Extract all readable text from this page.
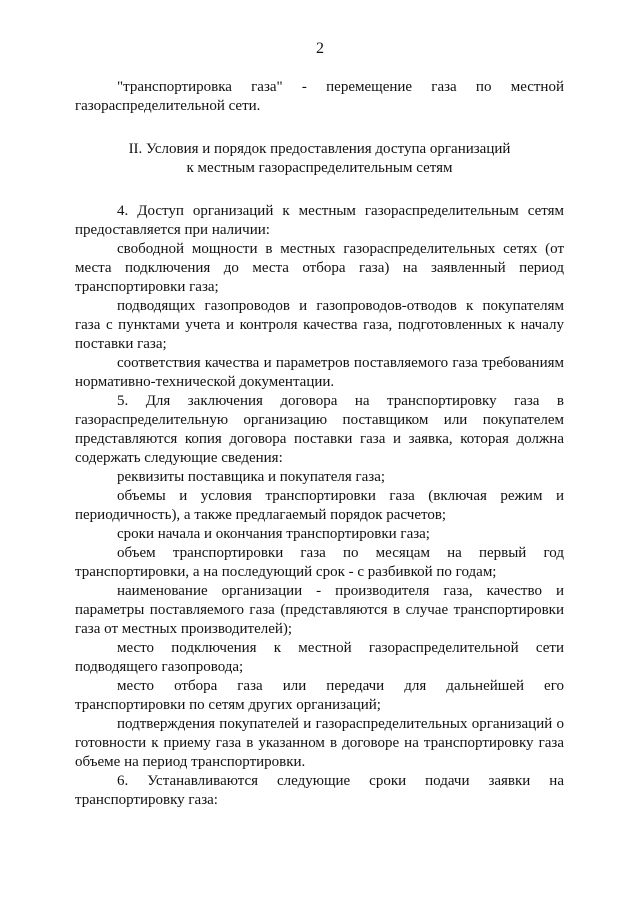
2

"транспортировка газа" - перемещение газа по местной газораспределительной сети.

II. Условия и порядок предоставления доступа организаций
к местным газораспределительным сетям

4. Доступ организаций к местным газораспределительным сетям предоставляется при наличии:

свободной мощности в местных газораспределительных сетях (от места подключения до места отбора газа) на заявленный период транспортировки газа;

подводящих газопроводов и газопроводов-отводов к покупателям газа с пунктами учета и контроля качества газа, подготовленных к началу поставки газа;

соответствия качества и параметров поставляемого газа требованиям нормативно-технической документации.

5. Для заключения договора на транспортировку газа в газораспределительную организацию поставщиком или покупателем представляются копия договора поставки газа и заявка, которая должна содержать следующие сведения:

реквизиты поставщика и покупателя газа;

объемы и условия транспортировки газа (включая режим и периодичность), а также предлагаемый порядок расчетов;

сроки начала и окончания транспортировки газа;

объем транспортировки газа по месяцам на первый год транспортировки, а на последующий срок - с разбивкой по годам;

наименование организации - производителя газа, качество и параметры поставляемого газа (представляются в случае транспортировки газа от местных производителей);

место подключения к местной газораспределительной сети подводящего газопровода;

место отбора газа или передачи для дальнейшей его транспортировки по сетям других организаций;

подтверждения покупателей и газораспределительных организаций о готовности к приему газа в указанном в договоре на транспортировку газа объеме на период транспортировки.

6. Устанавливаются следующие сроки подачи заявки на транспортировку газа:
